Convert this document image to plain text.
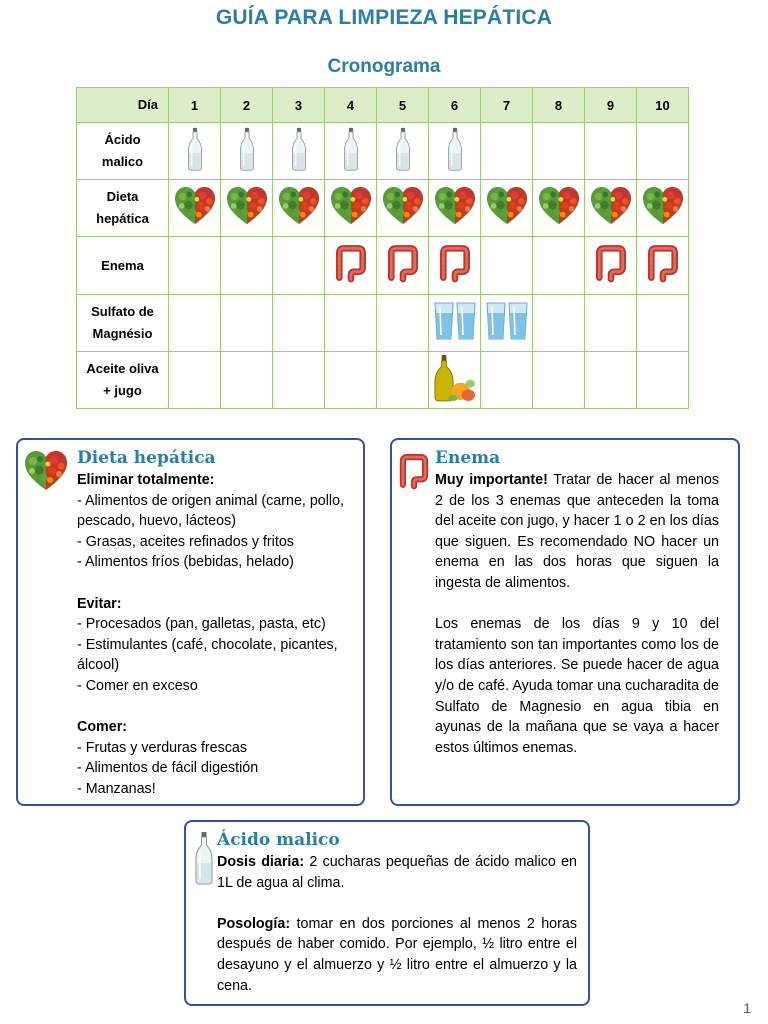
GUÍA PARA LIMPIEZA HEPÁTICA
Cronograma
Día	1	2	3	4	5	6	7	8	9	10

Ácido
malico

Dieta
hepática

Enema

Sulfato de
Magnésio

Aceite oliva
+ jugo

Dieta hepática

Eliminar totalmente:

- Alimentos de origen animal (carne, pollo, pescado, huevo, lácteos)

- Grasas, aceites refinados y fritos

- Alimentos fríos (bebidas, helado)

Evitar:

- Procesados (pan, galletas, pasta, etc)

- Estimulantes (café, chocolate, picantes, álcool)

- Comer en exceso

Comer:

- Frutas y verduras frescas

- Alimentos de fácil digestión

- Manzanas!

Enema

Muy importante! Tratar de hacer al menos 2 de los 3 enemas que anteceden la toma del aceite con jugo, y hacer 1 o 2 en los días que siguen. Es recomendado NO hacer un enema en las dos horas que siguen la ingesta de alimentos.

Los enemas de los días 9 y 10 del tratamiento son tan importantes como los de los días anteriores. Se puede hacer de agua y/o de café. Ayuda tomar una cucharadita de Sulfato de Magnesio en agua tibia en ayunas de la mañana que se vaya a hacer estos últimos enemas.

Ácido malico

Dosis diaria: 2 cucharas pequeñas de ácido malico en 1L de agua al clima.

Posología: tomar en dos porciones al menos 2 horas después de haber comido. Por ejemplo, ½ litro entre el desayuno y el almuerzo y ½ litro entre el almuerzo y la cena.

1
